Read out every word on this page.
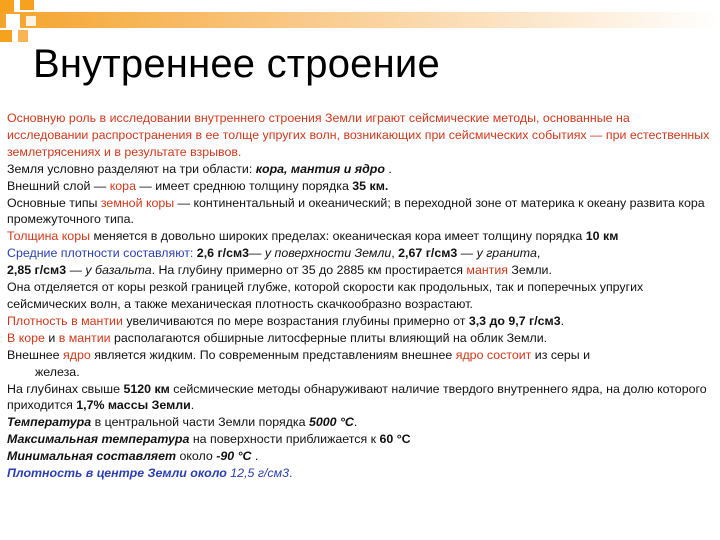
Внутреннее строение

Основную роль в исследовании внутреннего строения Земли играют сейсмические методы, основанные на исследовании распространения в ее толще упругих волн, возникающих при сейсмических событиях — при естественных землетрясениях и в результате взрывов.

Земля условно разделяют на три области: кора, мантия и ядро .

Внешний слой — кора — имеет среднюю толщину порядка 35 км.

Основные типы земной коры — континентальный и океанический; в переходной зоне от материка к океану развита кора промежуточного типа.

Толщина коры меняется в довольно широких пределах: океаническая кора имеет толщину порядка 10 км

Средние плотности составляют: 2,6 г/см3— у поверхности Земли, 2,67 г/см3 — у гранита,
2,85 г/см3 — у базальта. На глубину примерно от 35 до 2885 км простирается мантия Земли.

Она отделяется от коры резкой границей глубже, которой скорости как продольных, так и поперечных упругих сейсмических волн, а также механическая плотность скачкообразно возрастают.

Плотность в мантии увеличиваются по мере возрастания глубины примерно от 3,3 до 9,7 г/см3.

В коре и в мантии располагаются обширные литосферные плиты влияющий на облик Земли.

Внешнее ядро является жидким. По современным представлениям внешнее ядро состоит из серы и
железа.

На глубинах свыше 5120 км сейсмические методы обнаруживают наличие твердого внутреннего ядра, на долю которого приходится 1,7% массы Земли.

Температура в центральной части Земли порядка 5000 °С.

Максимальная температура на поверхности приближается к 60 °С

Минимальная составляет около -90 °С .

Плотность в центре Земли около 12,5 г/см3.
